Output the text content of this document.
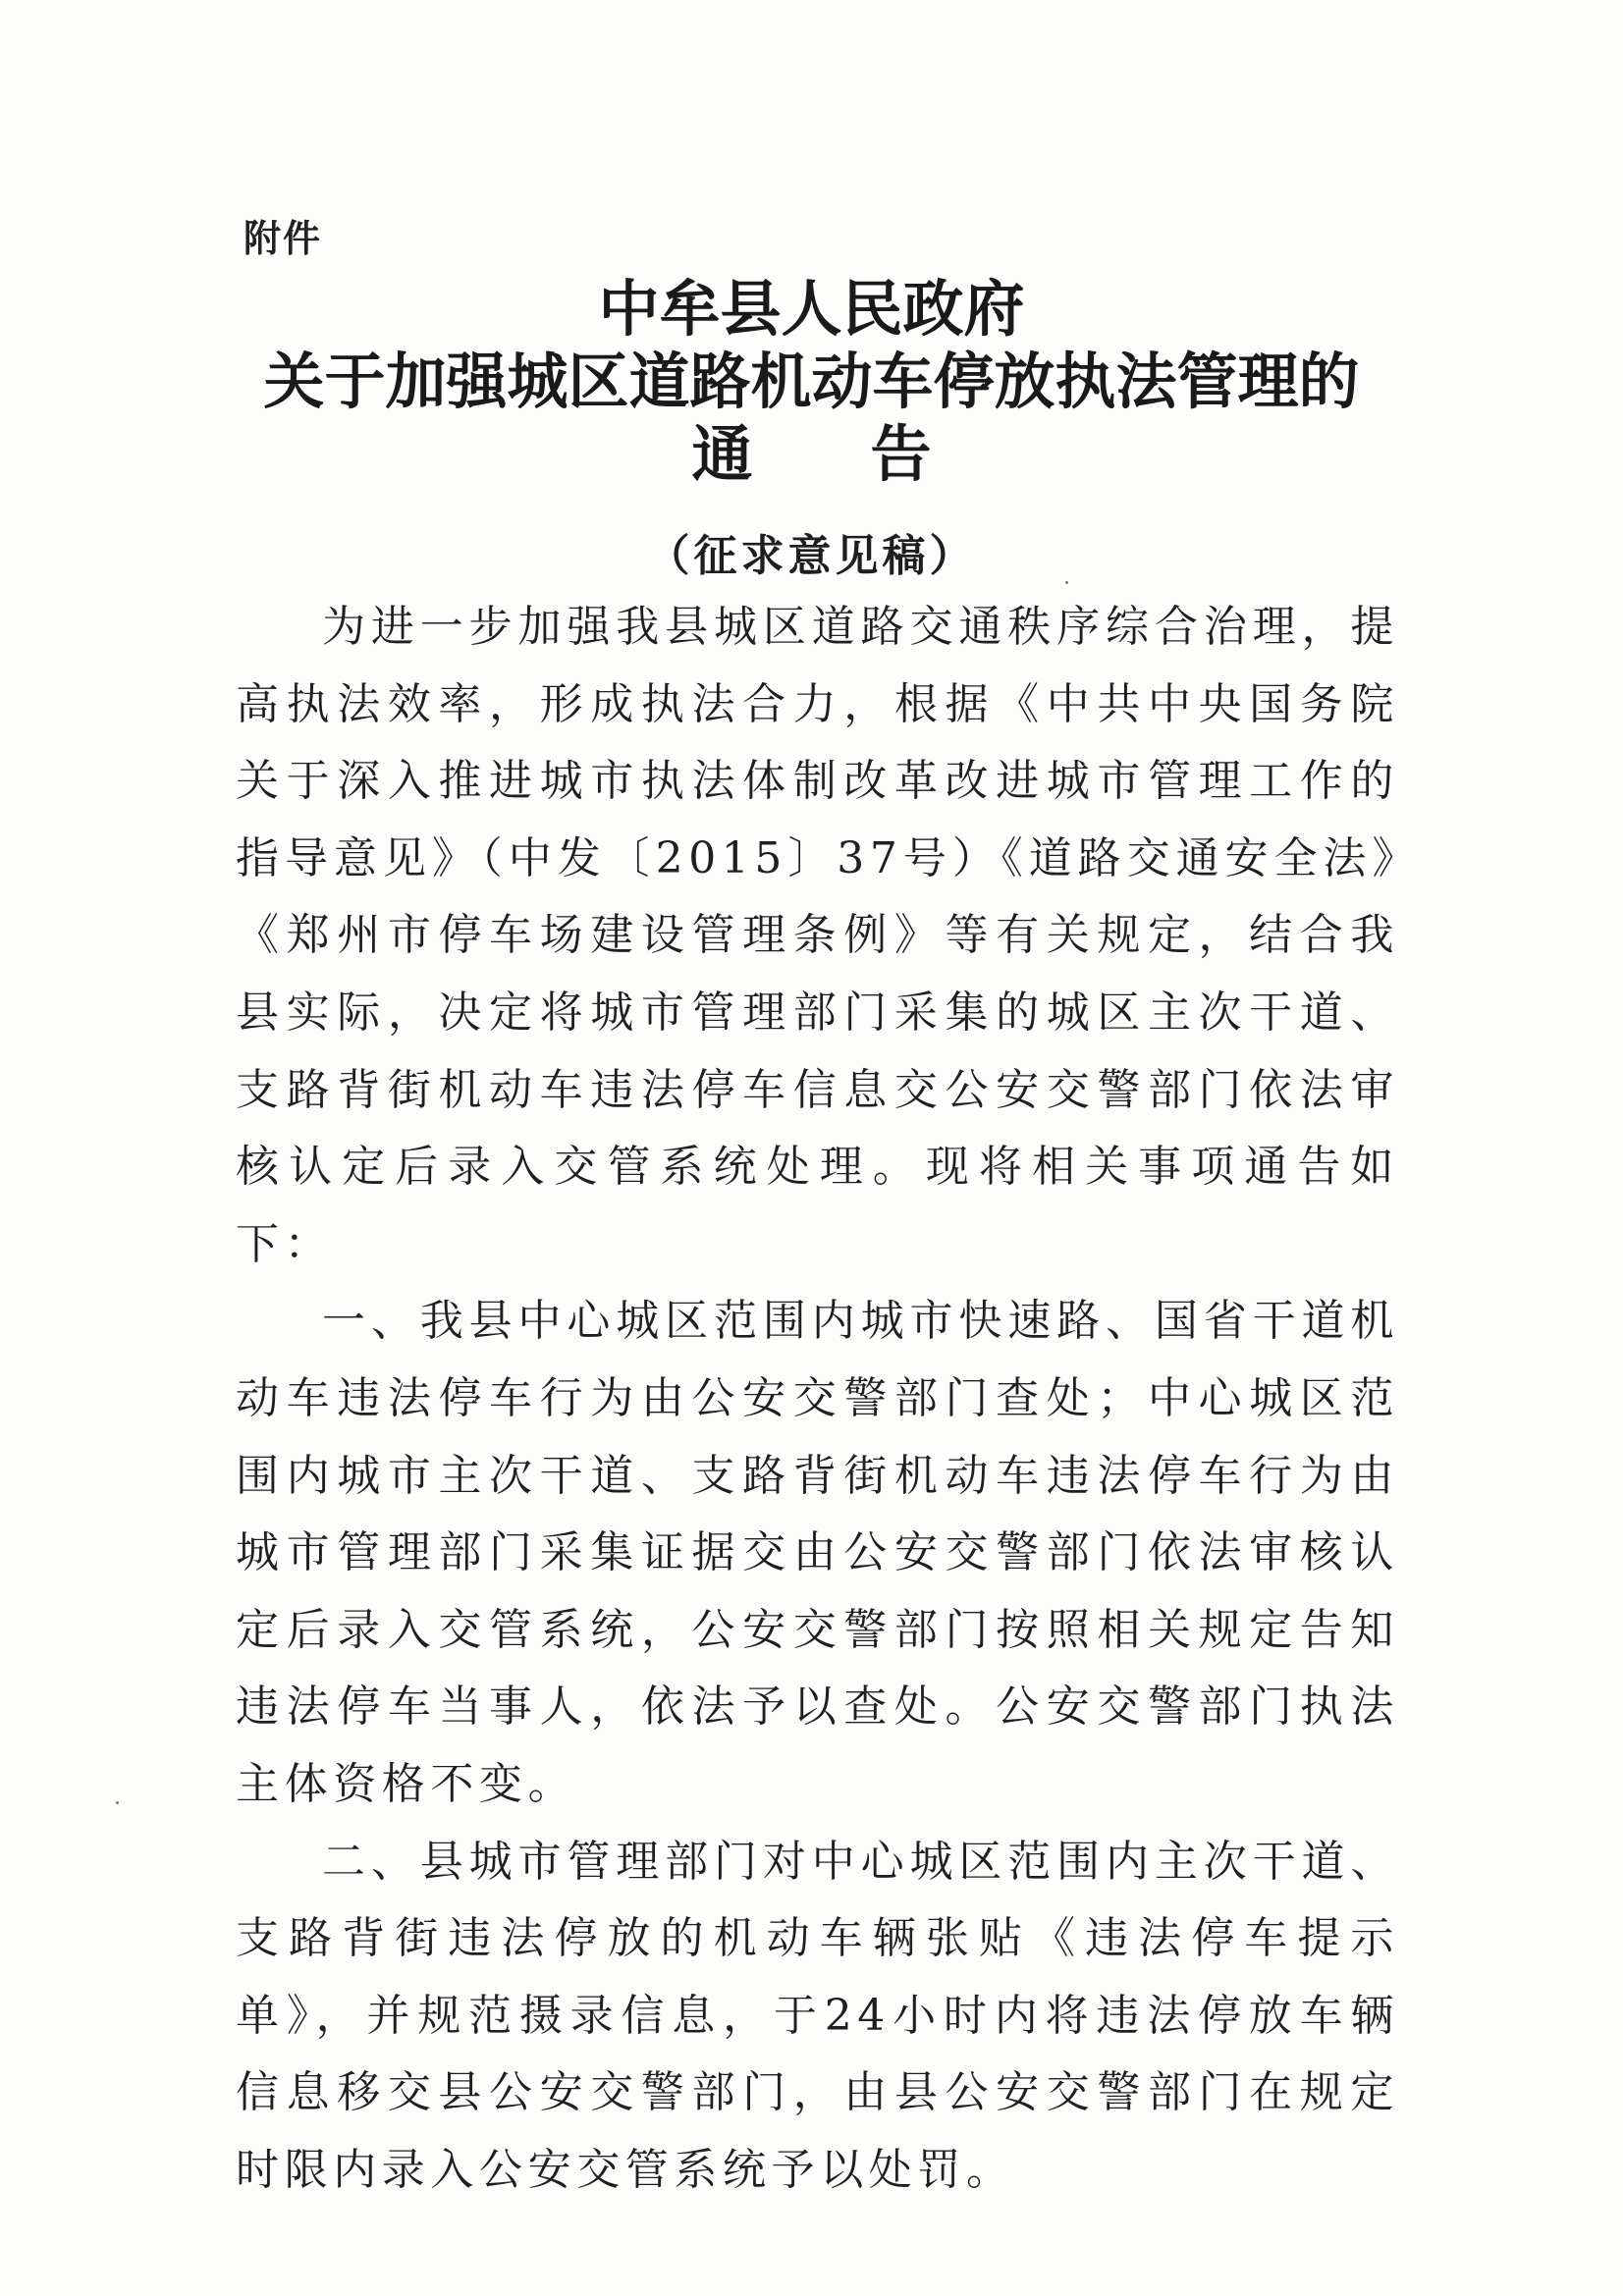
附件
中牟县人民政府
关于加强城区道路机动车停放执法管理的
通告
（征求意见稿）

为进一步加强我县城区道路交通秩序综合治理，提高执法效率，形成执法合力，根据《中共中央国务院关于深入推进城市执法体制改革改进城市管理工作的指导意见》（中发〔2015〕37号）《道路交通安全法》《郑州市停车场建设管理条例》等有关规定，结合我县实际，决定将城市管理部门采集的城区主次干道、支路背街机动车违法停车信息交公安交警部门依法审核认定后录入交管系统处理。现将相关事项通告如下：

一、我县中心城区范围内城市快速路、国省干道机动车违法停车行为由公安交警部门查处；中心城区范围内城市主次干道、支路背街机动车违法停车行为由城市管理部门采集证据交由公安交警部门依法审核认定后录入交管系统，公安交警部门按照相关规定告知违法停车当事人，依法予以查处。公安交警部门执法主体资格不变。

二、县城市管理部门对中心城区范围内主次干道、支路背街违法停放的机动车辆张贴《违法停车提示单》，并规范摄录信息，于24小时内将违法停放车辆信息移交县公安交警部门，由县公安交警部门在规定时限内录入公安交管系统予以处罚。
